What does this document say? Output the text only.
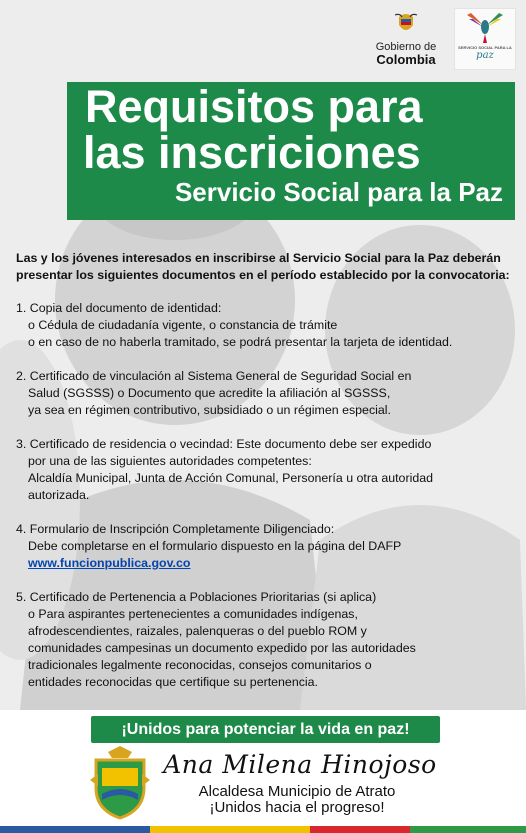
Gobierno de
Colombia
SERVICIO SOCIAL PARA LA
paz
Requisitos para
las inscriciones
Servicio Social para la Paz

Las y los jóvenes interesados en inscribirse al Servicio Social para la Paz deberán presentar los siguientes documentos en el período establecido por la convocatoria:

1. Copia del documento de identidad:

o Cédula de ciudadanía vigente, o constancia de trámite
o en caso de no haberla tramitado, se podrá presentar la tarjeta de identidad.

2. Certificado de vinculación al Sistema General de Seguridad Social en

Salud (SGSSS) o Documento que acredite la afiliación al SGSSS,
ya sea en régimen contributivo, subsidiado o un régimen especial.

3. Certificado de residencia o vecindad: Este documento debe ser expedido

por una de las siguientes autoridades competentes:
Alcaldía Municipal, Junta de Acción Comunal, Personería u otra autoridad
autorizada.

4. Formulario de Inscripción Completamente Diligenciado:

Debe completarse en el formulario dispuesto en la página del DAFP
www.funcionpublica.gov.co

5. Certificado de Pertenencia a Poblaciones Prioritarias (si aplica)

o Para aspirantes pertenecientes a comunidades indígenas,
afrodescendientes, raizales, palenqueras o del pueblo ROM y
comunidades campesinas un documento expedido por las autoridades
tradicionales legalmente reconocidas, consejos comunitarios o
entidades reconocidas que certifique su pertenencia.

¡Unidos para potenciar la vida en paz!
Ana Milena Hinojoso
Alcaldesa Municipio de Atrato
¡Unidos hacia el progreso!
